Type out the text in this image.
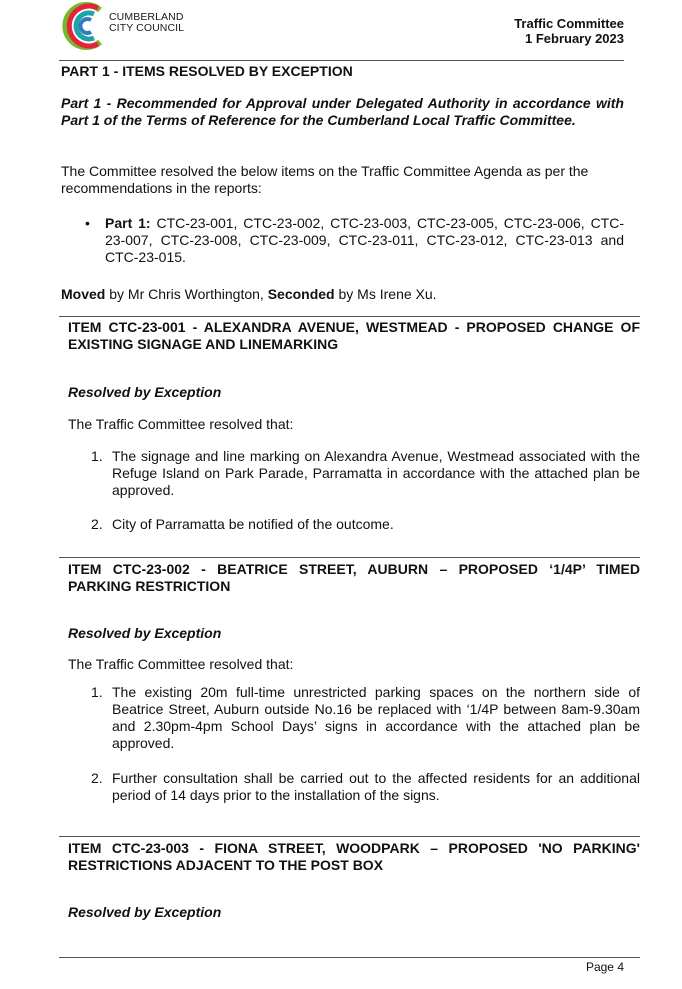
CUMBERLAND
CITY COUNCIL	Traffic Committee
1 February 2023
PART 1 - ITEMS RESOLVED BY EXCEPTION
Part 1 - Recommended for Approval under Delegated Authority in accordance with Part 1 of the Terms of Reference for the Cumberland Local Traffic Committee.
The Committee resolved the below items on the Traffic Committee Agenda as per the recommendations in the reports:
• Part 1: CTC-23-001, CTC-23-002, CTC-23-003, CTC-23-005, CTC-23-006, CTC-23-007, CTC-23-008, CTC-23-009, CTC-23-011, CTC-23-012, CTC-23-013 and CTC-23-015.
Moved by Mr Chris Worthington, Seconded by Ms Irene Xu.
ITEM CTC-23-001 - ALEXANDRA AVENUE, WESTMEAD - PROPOSED CHANGE OF EXISTING SIGNAGE AND LINEMARKING
Resolved by Exception
The Traffic Committee resolved that:
1. The signage and line marking on Alexandra Avenue, Westmead associated with the Refuge Island on Park Parade, Parramatta in accordance with the attached plan be approved.
2. City of Parramatta be notified of the outcome.
ITEM CTC-23-002 - BEATRICE STREET, AUBURN – PROPOSED ‘1/4P’ TIMED PARKING RESTRICTION
Resolved by Exception
The Traffic Committee resolved that:
1. The existing 20m full-time unrestricted parking spaces on the northern side of Beatrice Street, Auburn outside No.16 be replaced with ‘1/4P between 8am-9.30am and 2.30pm-4pm School Days’ signs in accordance with the attached plan be approved.
2. Further consultation shall be carried out to the affected residents for an additional period of 14 days prior to the installation of the signs.
ITEM CTC-23-003 - FIONA STREET, WOODPARK – PROPOSED 'NO PARKING' RESTRICTIONS ADJACENT TO THE POST BOX
Resolved by Exception
Page 4
